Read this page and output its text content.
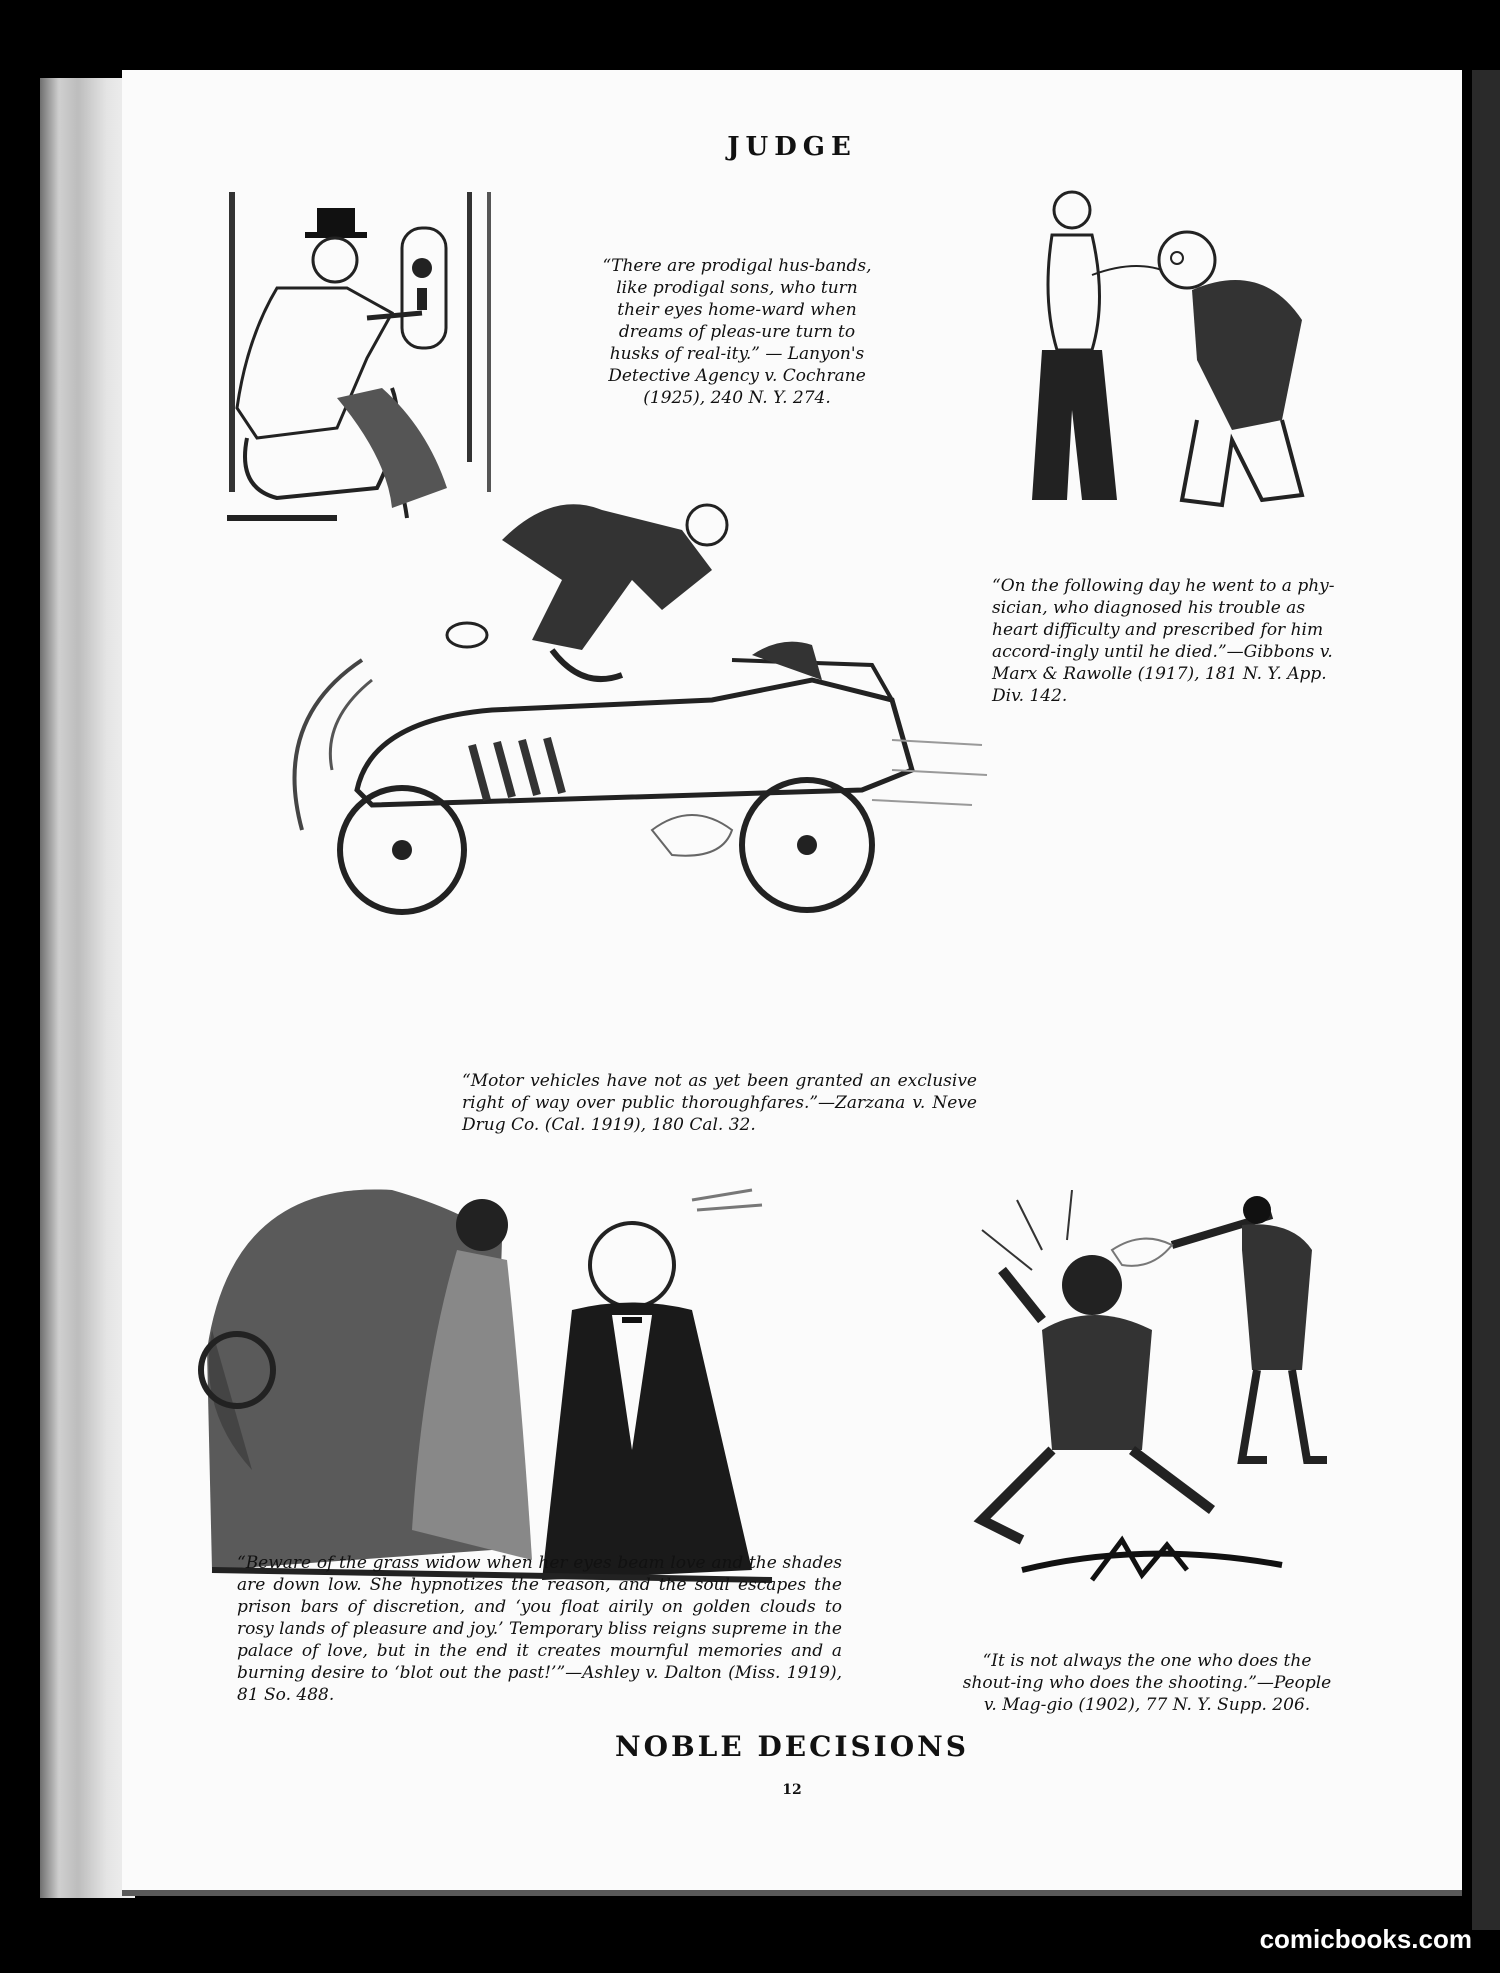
JUDGE
“There are prodigal hus-bands, like prodigal sons, who turn their eyes home-ward when dreams of pleas-ure turn to husks of real-ity.” — Lanyon's Detective Agency v. Cochrane (1925), 240 N. Y. 274.
“On the following day he went to a phy-sician, who diagnosed his trouble as heart difficulty and prescribed for him accord-ingly until he died.”—Gibbons v. Marx & Rawolle (1917), 181 N. Y. App. Div. 142.
“Motor vehicles have not as yet been granted an exclusive right of way over public thoroughfares.”—Zarzana v. Neve Drug Co. (Cal. 1919), 180 Cal. 32.
“Beware of the grass widow when her eyes beam love and the shades are down low. She hypnotizes the reason, and the soul escapes the prison bars of discretion, and ‘you float airily on golden clouds to rosy lands of pleasure and joy.’ Temporary bliss reigns supreme in the palace of love, but in the end it creates mournful memories and a burning desire to ‘blot out the past!’”—Ashley v. Dalton (Miss. 1919), 81 So. 488.
“It is not always the one who does the shout-ing who does the shooting.”—People v. Mag-gio (1902), 77 N. Y. Supp. 206.
NOBLE DECISIONS
12
comicbooks.com
